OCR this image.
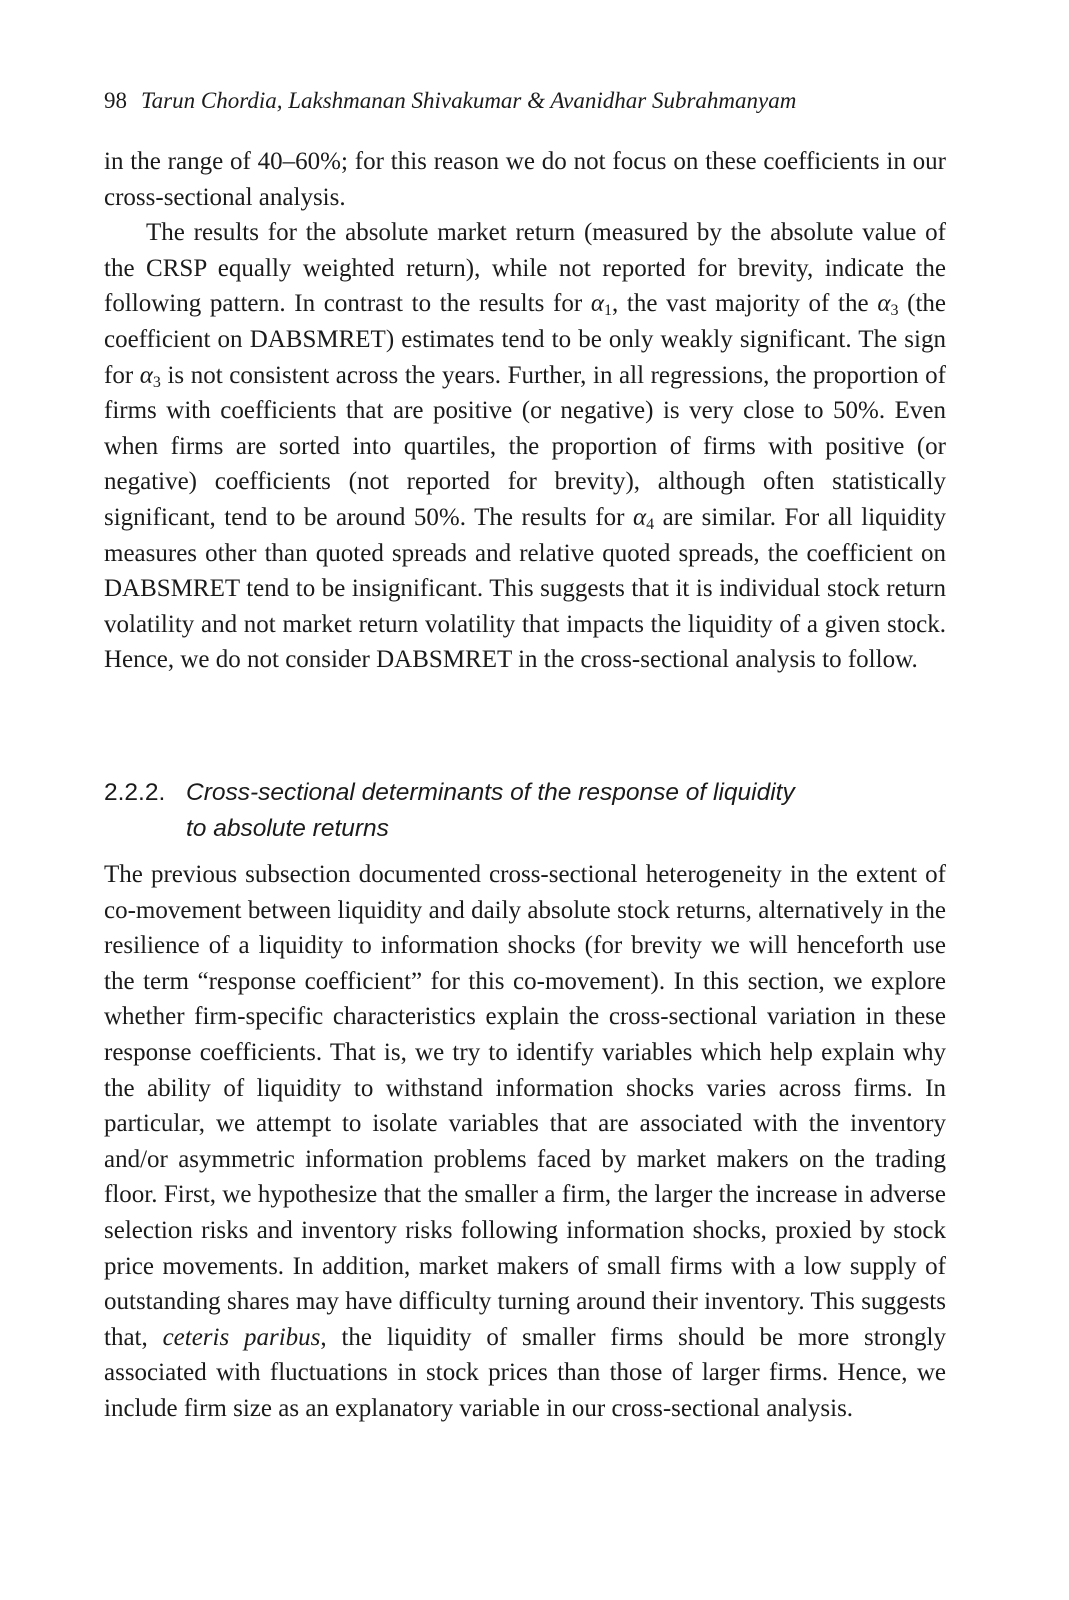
98 Tarun Chordia, Lakshmanan Shivakumar & Avanidhar Subrahmanyam

in the range of 40–60%; for this reason we do not focus on these coefficients in our cross-sectional analysis.

The results for the absolute market return (measured by the absolute value of the CRSP equally weighted return), while not reported for brevity, indicate the following pattern. In contrast to the results for $\alpha_1$, the vast majority of the $\alpha_3$ (the coefficient on DABSMRET) estimates tend to be only weakly significant. The sign for $\alpha_3$ is not consistent across the years. Further, in all regressions, the proportion of firms with coefficients that are positive (or negative) is very close to 50%. Even when firms are sorted into quartiles, the proportion of firms with positive (or negative) coefficients (not reported for brevity), although often statistically significant, tend to be around 50%. The results for $\alpha_4$ are similar. For all liquidity measures other than quoted spreads and relative quoted spreads, the coefficient on DABSMRET tend to be insignificant. This suggests that it is individual stock return volatility and not market return volatility that impacts the liquidity of a given stock. Hence, we do not consider DABSMRET in the cross-sectional analysis to follow.

2.2.2. Cross-sectional determinants of the response of liquidity
to absolute returns

The previous subsection documented cross-sectional heterogeneity in the extent of co-movement between liquidity and daily absolute stock returns, alternatively in the resilience of a liquidity to information shocks (for brevity we will henceforth use the term “response coefficient” for this co-movement). In this section, we explore whether firm-specific characteristics explain the cross-sectional variation in these response coefficients. That is, we try to identify variables which help explain why the ability of liquidity to withstand information shocks varies across firms. In particular, we attempt to isolate variables that are associated with the inventory and/or asymmetric information problems faced by market makers on the trading floor. First, we hypothesize that the smaller a firm, the larger the increase in adverse selection risks and inventory risks following information shocks, proxied by stock price movements. In addition, market makers of small firms with a low supply of outstanding shares may have difficulty turning around their inventory. This suggests that, ceteris paribus, the liquidity of smaller firms should be more strongly associated with fluctuations in stock prices than those of larger firms. Hence, we include firm size as an explanatory variable in our cross-sectional analysis.
